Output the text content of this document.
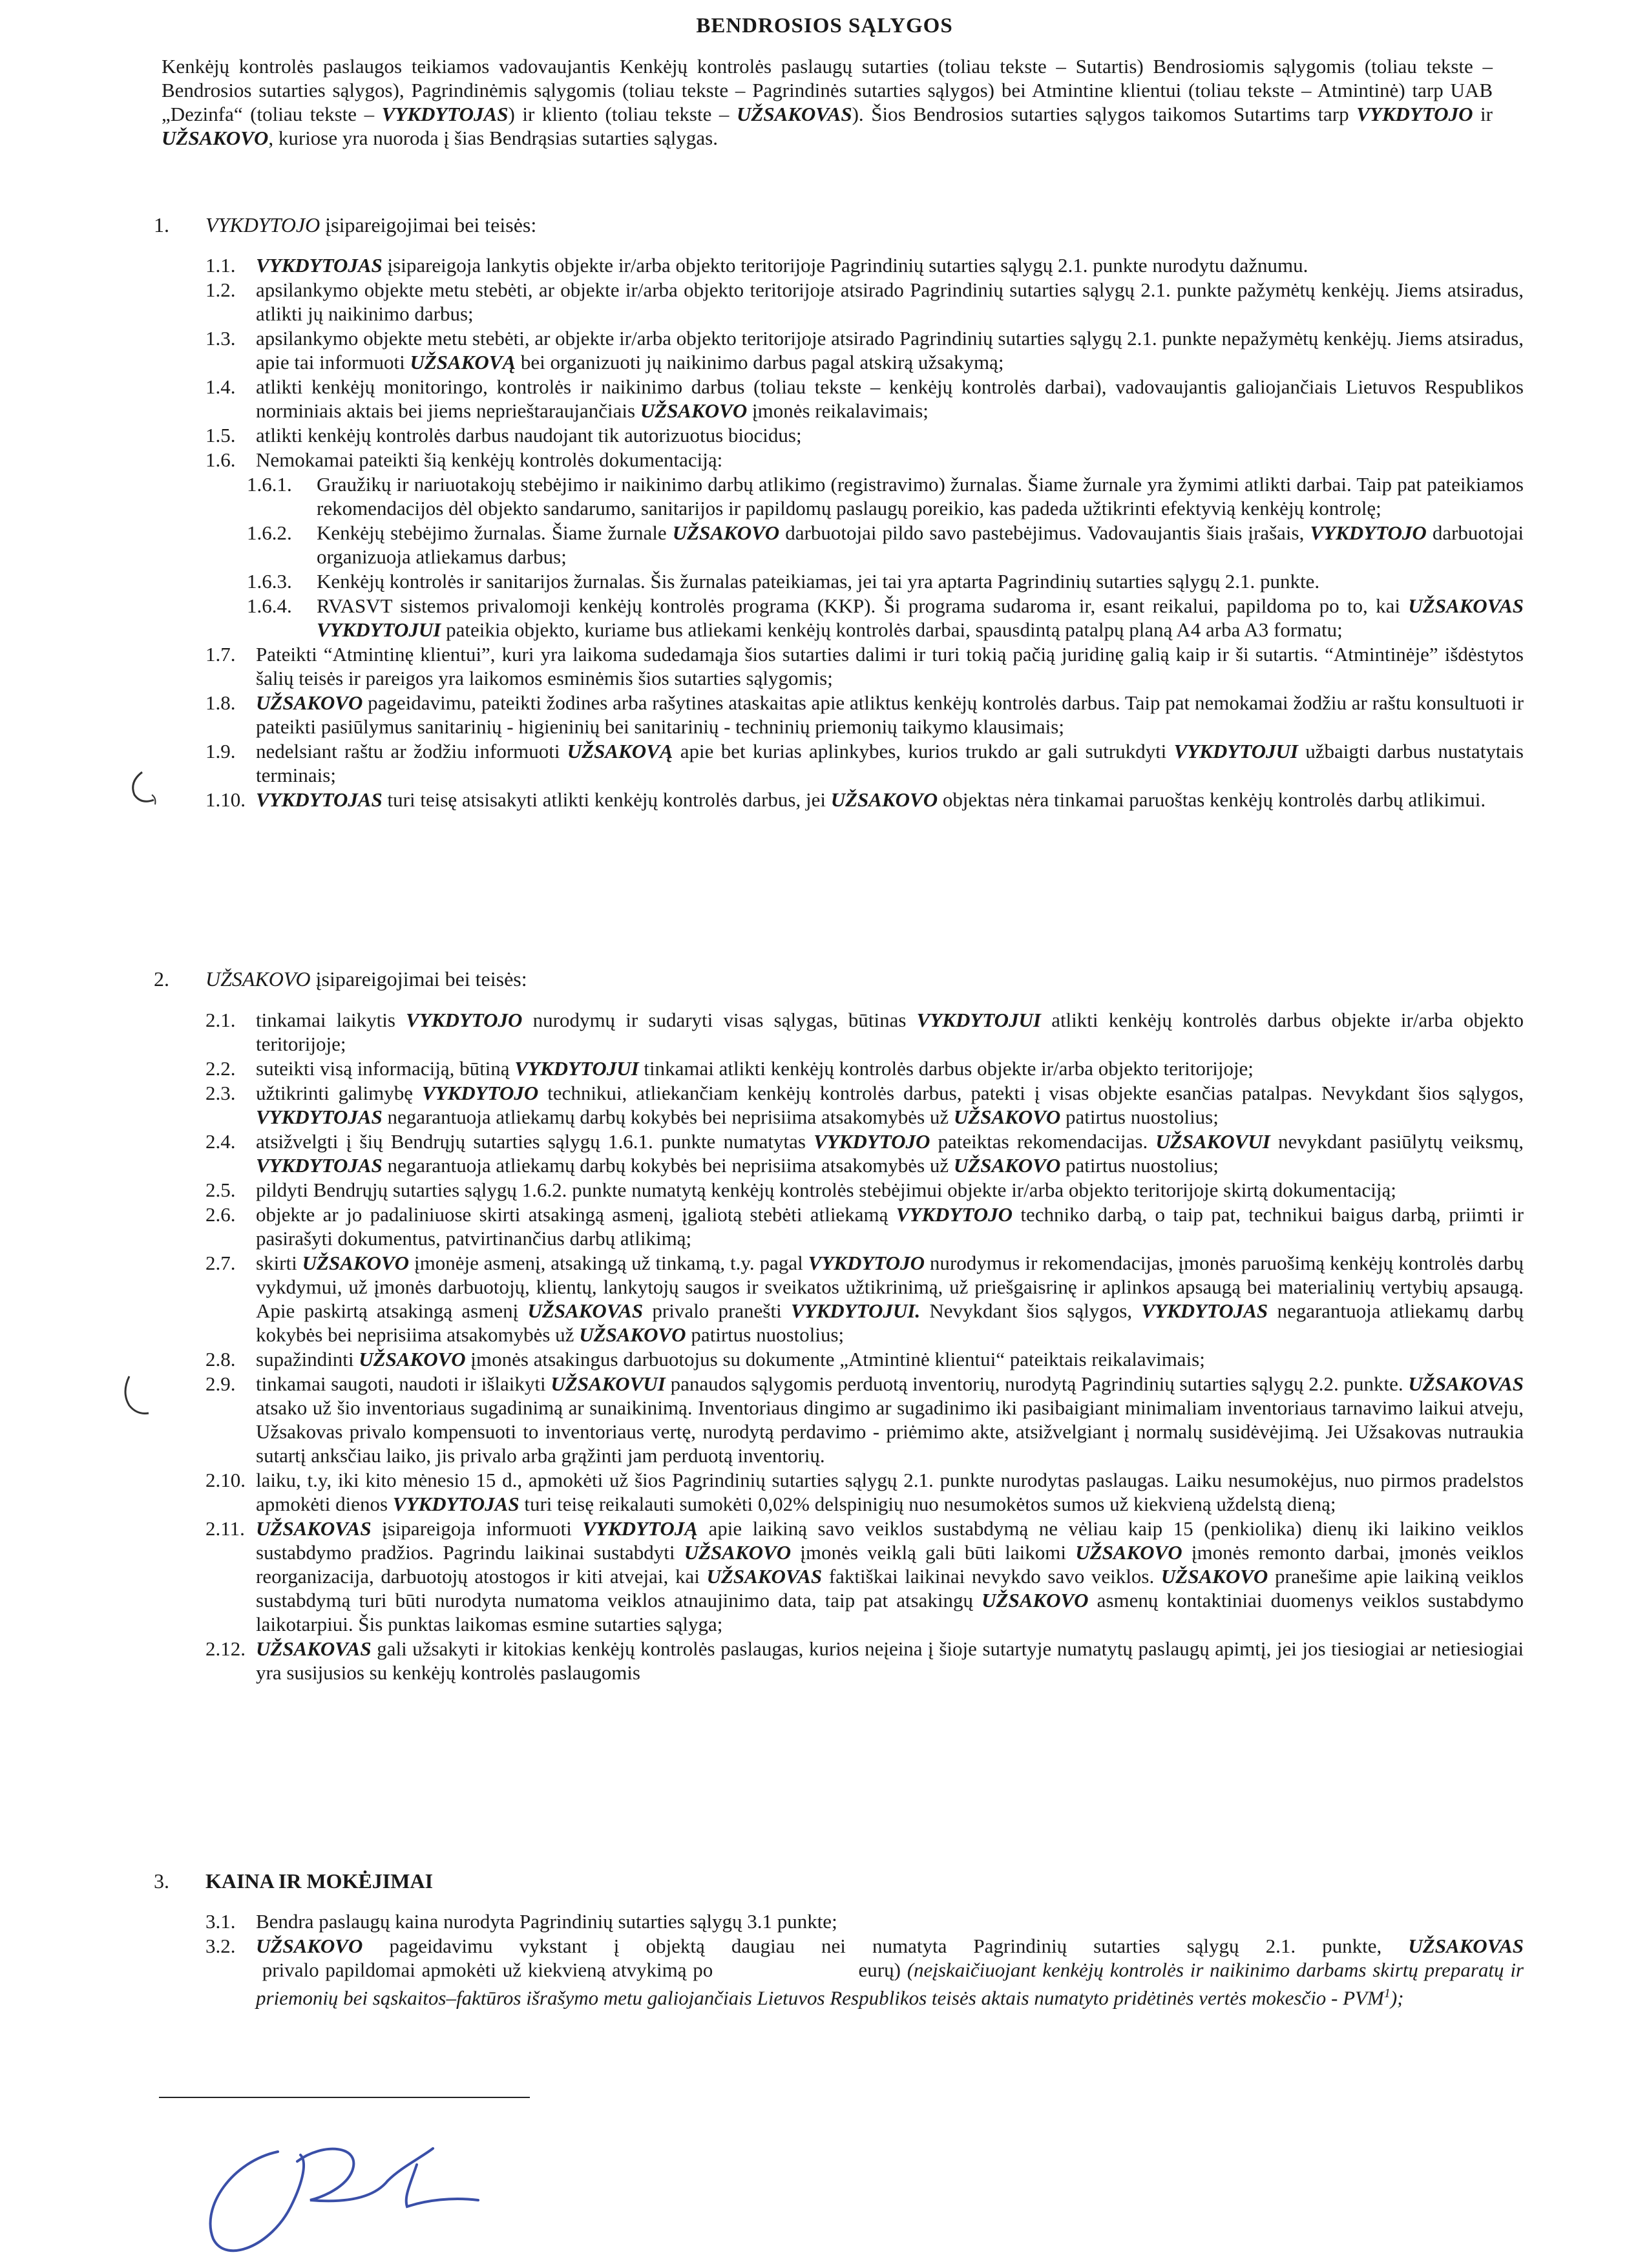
BENDROSIOS SĄLYGOS

Kenkėjų kontrolės paslaugos teikiamos vadovaujantis Kenkėjų kontrolės paslaugų sutarties (toliau tekste – Sutartis) Bendrosiomis sąlygomis (toliau tekste – Bendrosios sutarties sąlygos), Pagrindinėmis sąlygomis (toliau tekste – Pagrindinės sutarties sąlygos) bei Atmintine klientui (toliau tekste – Atmintinė) tarp UAB „Dezinfa“ (toliau tekste – VYKDYTOJAS) ir kliento (toliau tekste – UŽSAKOVAS). Šios Bendrosios sutarties sąlygos taikomos Sutartims tarp VYKDYTOJO ir UŽSAKOVO, kuriose yra nuoroda į šias Bendrąsias sutarties sąlygas.

1. VYKDYTOJO įsipareigojimai bei teisės:
1.1. VYKDYTOJAS įsipareigoja lankytis objekte ir/arba objekto teritorijoje Pagrindinių sutarties sąlygų 2.1. punkte nurodytu dažnumu.
1.2. apsilankymo objekte metu stebėti, ar objekte ir/arba objekto teritorijoje atsirado Pagrindinių sutarties sąlygų 2.1. punkte pažymėtų kenkėjų. Jiems atsiradus, atlikti jų naikinimo darbus;
1.3. apsilankymo objekte metu stebėti, ar objekte ir/arba objekto teritorijoje atsirado Pagrindinių sutarties sąlygų 2.1. punkte nepažymėtų kenkėjų. Jiems atsiradus, apie tai informuoti UŽSAKOVĄ bei organizuoti jų naikinimo darbus pagal atskirą užsakymą;
1.4. atlikti kenkėjų monitoringo, kontrolės ir naikinimo darbus (toliau tekste – kenkėjų kontrolės darbai), vadovaujantis galiojančiais Lietuvos Respublikos norminiais aktais bei jiems neprieštaraujančiais UŽSAKOVO įmonės reikalavimais;
1.5. atlikti kenkėjų kontrolės darbus naudojant tik autorizuotus biocidus;
1.6. Nemokamai pateikti šią kenkėjų kontrolės dokumentaciją:
1.6.1. Graužikų ir nariuotakojų stebėjimo ir naikinimo darbų atlikimo (registravimo) žurnalas. Šiame žurnale yra žymimi atlikti darbai. Taip pat pateikiamos rekomendacijos dėl objekto sandarumo, sanitarijos ir papildomų paslaugų poreikio, kas padeda užtikrinti efektyvią kenkėjų kontrolę;
1.6.2. Kenkėjų stebėjimo žurnalas. Šiame žurnale UŽSAKOVO darbuotojai pildo savo pastebėjimus. Vadovaujantis šiais įrašais, VYKDYTOJO darbuotojai organizuoja atliekamus darbus;
1.6.3. Kenkėjų kontrolės ir sanitarijos žurnalas. Šis žurnalas pateikiamas, jei tai yra aptarta Pagrindinių sutarties sąlygų 2.1. punkte.
1.6.4. RVASVT sistemos privalomoji kenkėjų kontrolės programa (KKP). Ši programa sudaroma ir, esant reikalui, papildoma po to, kai UŽSAKOVAS VYKDYTOJUI pateikia objekto, kuriame bus atliekami kenkėjų kontrolės darbai, spausdintą patalpų planą A4 arba A3 formatu;
1.7. Pateikti “Atmintinę klientui”, kuri yra laikoma sudedamąja šios sutarties dalimi ir turi tokią pačią juridinę galią kaip ir ši sutartis. “Atmintinėje” išdėstytos šalių teisės ir pareigos yra laikomos esminėmis šios sutarties sąlygomis;
1.8. UŽSAKOVO pageidavimu, pateikti žodines arba rašytines ataskaitas apie atliktus kenkėjų kontrolės darbus. Taip pat nemokamai žodžiu ar raštu konsultuoti ir pateikti pasiūlymus sanitarinių - higieninių bei sanitarinių - techninių priemonių taikymo klausimais;
1.9. nedelsiant raštu ar žodžiu informuoti UŽSAKOVĄ apie bet kurias aplinkybes, kurios trukdo ar gali sutrukdyti VYKDYTOJUI užbaigti darbus nustatytais terminais;
1.10. VYKDYTOJAS turi teisę atsisakyti atlikti kenkėjų kontrolės darbus, jei UŽSAKOVO objektas nėra tinkamai paruoštas kenkėjų kontrolės darbų atlikimui.
2. UŽSAKOVO įsipareigojimai bei teisės:
2.1. tinkamai laikytis VYKDYTOJO nurodymų ir sudaryti visas sąlygas, būtinas VYKDYTOJUI atlikti kenkėjų kontrolės darbus objekte ir/arba objekto teritorijoje;
2.2. suteikti visą informaciją, būtiną VYKDYTOJUI tinkamai atlikti kenkėjų kontrolės darbus objekte ir/arba objekto teritorijoje;
2.3. užtikrinti galimybę VYKDYTOJO technikui, atliekančiam kenkėjų kontrolės darbus, patekti į visas objekte esančias patalpas. Nevykdant šios sąlygos, VYKDYTOJAS negarantuoja atliekamų darbų kokybės bei neprisiima atsakomybės už UŽSAKOVO patirtus nuostolius;
2.4. atsižvelgti į šių Bendrųjų sutarties sąlygų 1.6.1. punkte numatytas VYKDYTOJO pateiktas rekomendacijas. UŽSAKOVUI nevykdant pasiūlytų veiksmų, VYKDYTOJAS negarantuoja atliekamų darbų kokybės bei neprisiima atsakomybės už UŽSAKOVO patirtus nuostolius;
2.5. pildyti Bendrųjų sutarties sąlygų 1.6.2. punkte numatytą kenkėjų kontrolės stebėjimui objekte ir/arba objekto teritorijoje skirtą dokumentaciją;
2.6. objekte ar jo padaliniuose skirti atsakingą asmenį, įgaliotą stebėti atliekamą VYKDYTOJO techniko darbą, o taip pat, technikui baigus darbą, priimti ir pasirašyti dokumentus, patvirtinančius darbų atlikimą;
2.7. skirti UŽSAKOVO įmonėje asmenį, atsakingą už tinkamą, t.y. pagal VYKDYTOJO nurodymus ir rekomendacijas, įmonės paruošimą kenkėjų kontrolės darbų vykdymui, už įmonės darbuotojų, klientų, lankytojų saugos ir sveikatos užtikrinimą, už priešgaisrinę ir aplinkos apsaugą bei materialinių vertybių apsaugą. Apie paskirtą atsakingą asmenį UŽSAKOVAS privalo pranešti VYKDYTOJUI. Nevykdant šios sąlygos, VYKDYTOJAS negarantuoja atliekamų darbų kokybės bei neprisiima atsakomybės už UŽSAKOVO patirtus nuostolius;
2.8. supažindinti UŽSAKOVO įmonės atsakingus darbuotojus su dokumente „Atmintinė klientui“ pateiktais reikalavimais;
2.9. tinkamai saugoti, naudoti ir išlaikyti UŽSAKOVUI panaudos sąlygomis perduotą inventorių, nurodytą Pagrindinių sutarties sąlygų 2.2. punkte. UŽSAKOVAS atsako už šio inventoriaus sugadinimą ar sunaikinimą. Inventoriaus dingimo ar sugadinimo iki pasibaigiant minimaliam inventoriaus tarnavimo laikui atveju, Užsakovas privalo kompensuoti to inventoriaus vertę, nurodytą perdavimo - priėmimo akte, atsižvelgiant į normalų susidėvėjimą. Jei Užsakovas nutraukia sutartį anksčiau laiko, jis privalo arba grąžinti jam perduotą inventorių.
2.10. laiku, t.y, iki kito mėnesio 15 d., apmokėti už šios Pagrindinių sutarties sąlygų 2.1. punkte nurodytas paslaugas. Laiku nesumokėjus, nuo pirmos pradelstos apmokėti dienos VYKDYTOJAS turi teisę reikalauti sumokėti 0,02% delspinigių nuo nesumokėtos sumos už kiekvieną uždelstą dieną;
2.11. UŽSAKOVAS įsipareigoja informuoti VYKDYTOJĄ apie laikiną savo veiklos sustabdymą ne vėliau kaip 15 (penkiolika) dienų iki laikino veiklos sustabdymo pradžios. Pagrindu laikinai sustabdyti UŽSAKOVO įmonės veiklą gali būti laikomi UŽSAKOVO įmonės remonto darbai, įmonės veiklos reorganizacija, darbuotojų atostogos ir kiti atvejai, kai UŽSAKOVAS faktiškai laikinai nevykdo savo veiklos. UŽSAKOVO pranešime apie laikiną veiklos sustabdymą turi būti nurodyta numatoma veiklos atnaujinimo data, taip pat atsakingų UŽSAKOVO asmenų kontaktiniai duomenys veiklos sustabdymo laikotarpiui. Šis punktas laikomas esmine sutarties sąlyga;
2.12. UŽSAKOVAS gali užsakyti ir kitokias kenkėjų kontrolės paslaugas, kurios neįeina į šioje sutartyje numatytų paslaugų apimtį, jei jos tiesiogiai ar netiesiogiai yra susijusios su kenkėjų kontrolės paslaugomis
3. KAINA IR MOKĖJIMAI
3.1. Bendra paslaugų kaina nurodyta Pagrindinių sutarties sąlygų 3.1 punkte;
3.2. UŽSAKOVO pageidavimu vykstant į objektą daugiau nei numatyta Pagrindinių sutarties sąlygų 2.1. punkte, UŽSAKOVAS privalo papildomai apmokėti už kiekvieną atvykimą po                       eurų) (neįskaičiuojant kenkėjų kontrolės ir naikinimo darbams skirtų preparatų ir priemonių bei sąskaitos–faktūros išrašymo metu galiojančiais Lietuvos Respublikos teisės aktais numatyto pridėtinės vertės mokesčio - PVM$^1$);
